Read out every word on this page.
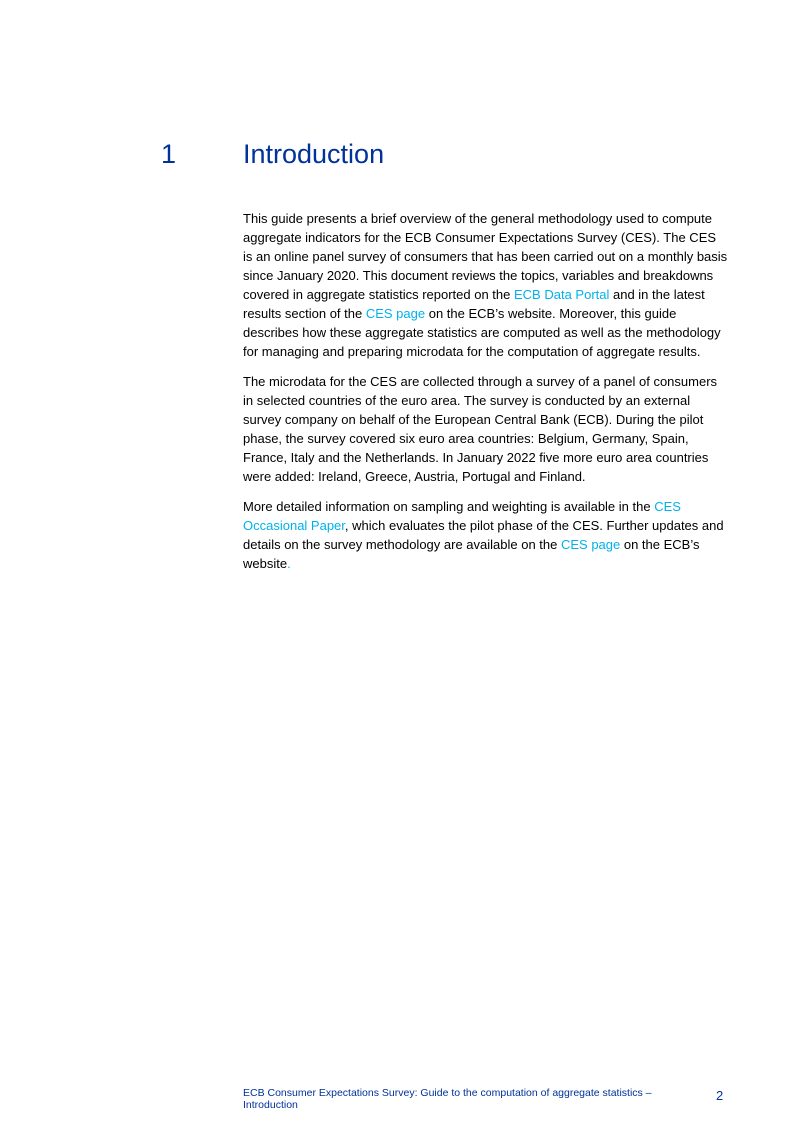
1 Introduction

This guide presents a brief overview of the general methodology used to compute aggregate indicators for the ECB Consumer Expectations Survey (CES). The CES is an online panel survey of consumers that has been carried out on a monthly basis since January 2020. This document reviews the topics, variables and breakdowns covered in aggregate statistics reported on the ECB Data Portal and in the latest results section of the CES page on the ECB’s website. Moreover, this guide describes how these aggregate statistics are computed as well as the methodology for managing and preparing microdata for the computation of aggregate results.

The microdata for the CES are collected through a survey of a panel of consumers in selected countries of the euro area. The survey is conducted by an external survey company on behalf of the European Central Bank (ECB). During the pilot phase, the survey covered six euro area countries: Belgium, Germany, Spain, France, Italy and the Netherlands. In January 2022 five more euro area countries were added: Ireland, Greece, Austria, Portugal and Finland.

More detailed information on sampling and weighting is available in the CES Occasional Paper, which evaluates the pilot phase of the CES. Further updates and details on the survey methodology are available on the CES page on the ECB’s website.

ECB Consumer Expectations Survey: Guide to the computation of aggregate statistics – Introduction
2
